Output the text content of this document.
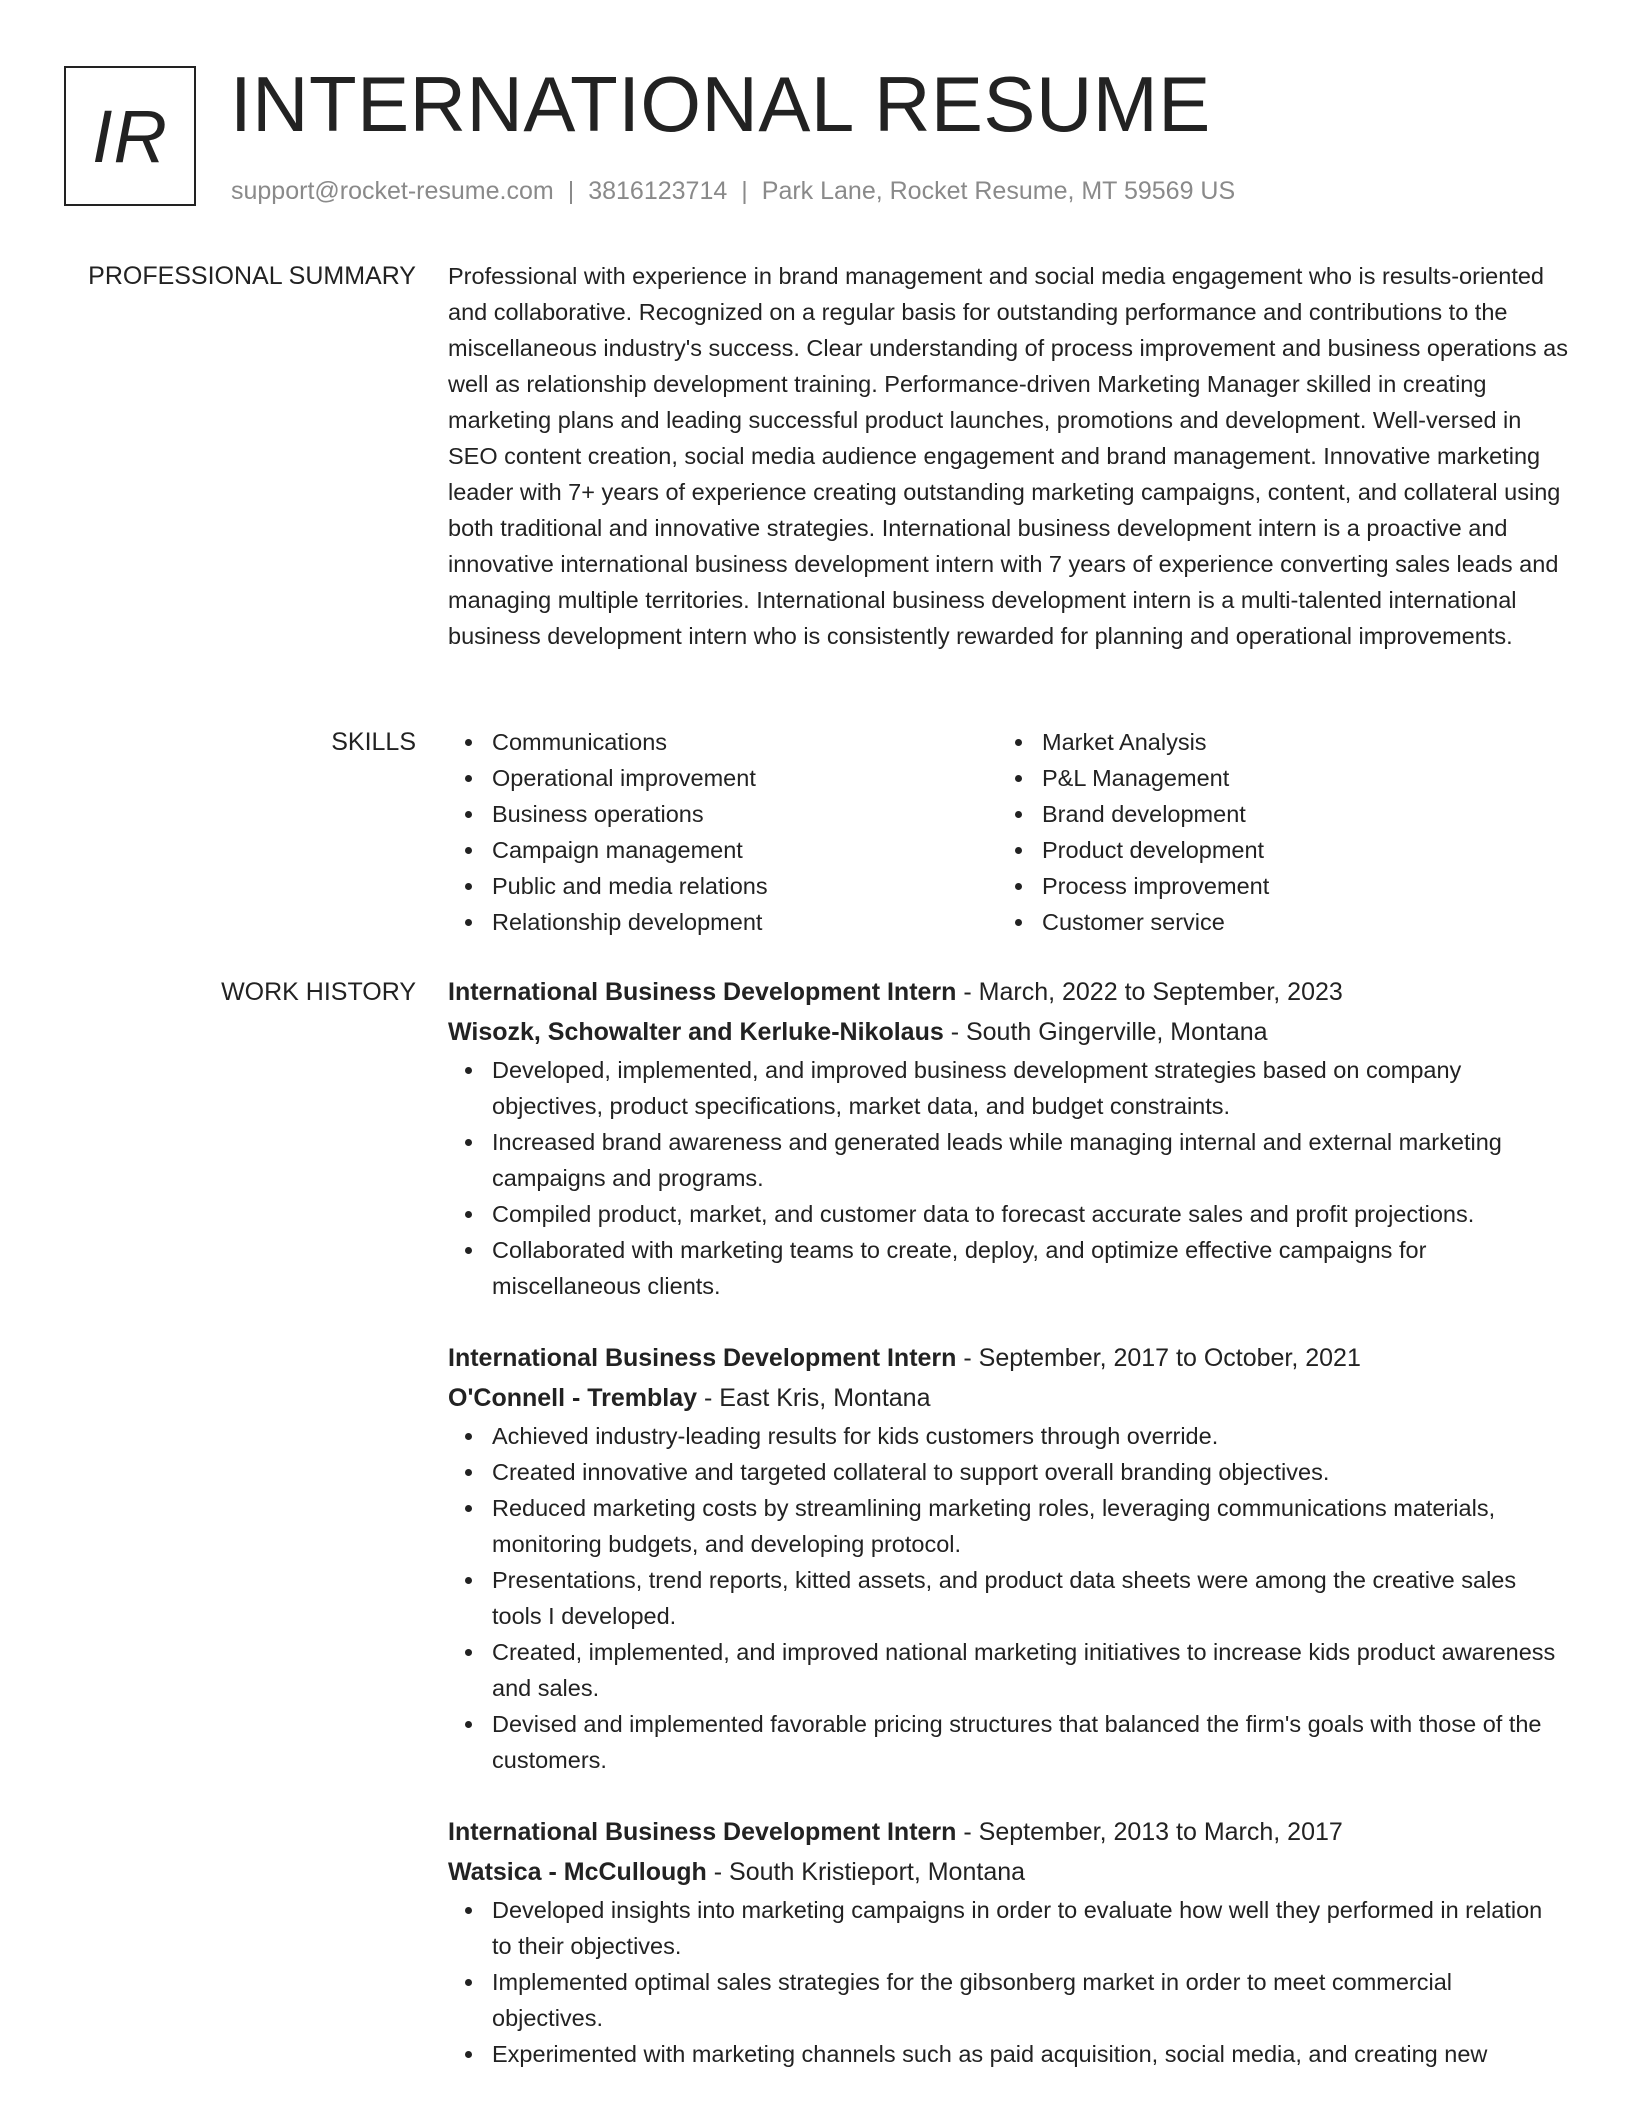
IR INTERNATIONAL RESUME
support@rocket-resume.com | 3816123714 | Park Lane, Rocket Resume, MT 59569 US
PROFESSIONAL SUMMARY Professional with experience in brand management and social media engagement who is results-oriented and collaborative. Recognized on a regular basis for outstanding performance and contributions to the miscellaneous industry's success. Clear understanding of process improvement and business operations as well as relationship development training. Performance-driven Marketing Manager skilled in creating marketing plans and leading successful product launches, promotions and development. Well-versed in SEO content creation, social media audience engagement and brand management. Innovative marketing leader with 7+ years of experience creating outstanding marketing campaigns, content, and collateral using both traditional and innovative strategies. International business development intern is a proactive and innovative international business development intern with 7 years of experience converting sales leads and managing multiple territories. International business development intern is a multi-talented international business development intern who is consistently rewarded for planning and operational improvements.

SKILLS	Communications
Operational improvement
Business operations
Campaign management
Public and media relations
Relationship development
Market Analysis
P&L Management
Brand development
Product development
Process improvement
Customer service
WORK HISTORY International Business Development Intern - March, 2022 to September, 2023
Wisozk, Schowalter and Kerluke-Nikolaus - South Gingerville, Montana
Developed, implemented, and improved business development strategies based on company objectives, product specifications, market data, and budget constraints.
Increased brand awareness and generated leads while managing internal and external marketing campaigns and programs.
Compiled product, market, and customer data to forecast accurate sales and profit projections.
Collaborated with marketing teams to create, deploy, and optimize effective campaigns for miscellaneous clients.
International Business Development Intern - September, 2017 to October, 2021
O'Connell - Tremblay - East Kris, Montana
Achieved industry-leading results for kids customers through override.
Created innovative and targeted collateral to support overall branding objectives.
Reduced marketing costs by streamlining marketing roles, leveraging communications materials, monitoring budgets, and developing protocol.
Presentations, trend reports, kitted assets, and product data sheets were among the creative sales tools I developed.
Created, implemented, and improved national marketing initiatives to increase kids product awareness and sales.
Devised and implemented favorable pricing structures that balanced the firm's goals with those of the customers.
International Business Development Intern - September, 2013 to March, 2017
Watsica - McCullough - South Kristieport, Montana
Developed insights into marketing campaigns in order to evaluate how well they performed in relation to their objectives.
Implemented optimal sales strategies for the gibsonberg market in order to meet commercial objectives.
Experimented with marketing channels such as paid acquisition, social media, and creating new
